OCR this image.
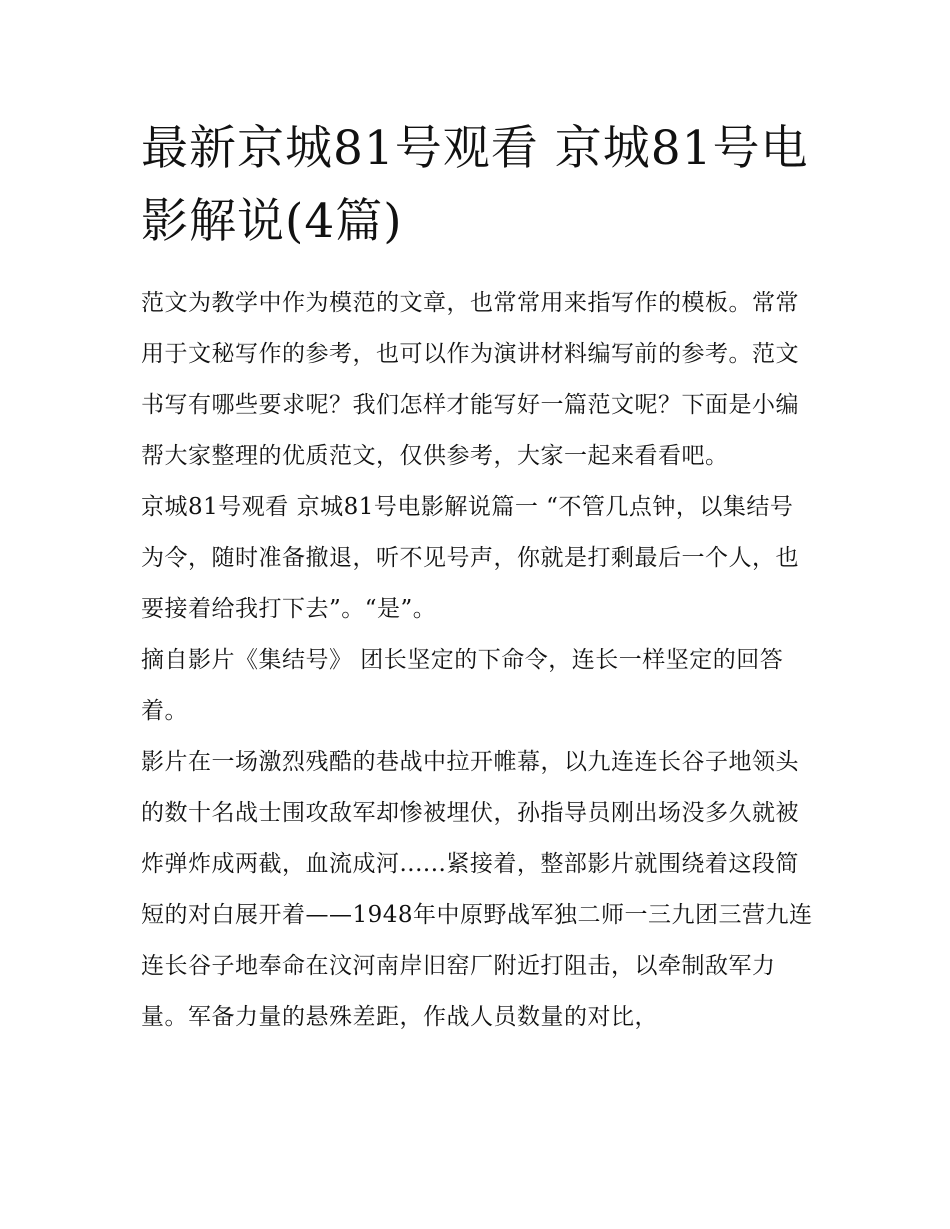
最新京城81号观看 京城81号电影解说(4篇)

范文为教学中作为模范的文章，也常常用来指写作的模板。常常用于文秘写作的参考，也可以作为演讲材料编写前的参考。范文书写有哪些要求呢？我们怎样才能写好一篇范文呢？下面是小编帮大家整理的优质范文，仅供参考，大家一起来看看吧。

京城81号观看 京城81号电影解说篇一 “不管几点钟，以集结号为令，随时准备撤退，听不见号声，你就是打剩最后一个人，也要接着给我打下去”。“是”。

摘自影片《集结号》 团长坚定的下命令，连长一样坚定的回答着。

影片在一场激烈残酷的巷战中拉开帷幕，以九连连长谷子地领头的数十名战士围攻敌军却惨被埋伏，孙指导员刚出场没多久就被炸弹炸成两截，血流成河......紧接着，整部影片就围绕着这段简短的对白展开着——1948年中原野战军独二师一三九团三营九连连长谷子地奉命在汶河南岸旧窑厂附近打阻击，以牵制敌军力量。军备力量的悬殊差距，作战人员数量的对比，
